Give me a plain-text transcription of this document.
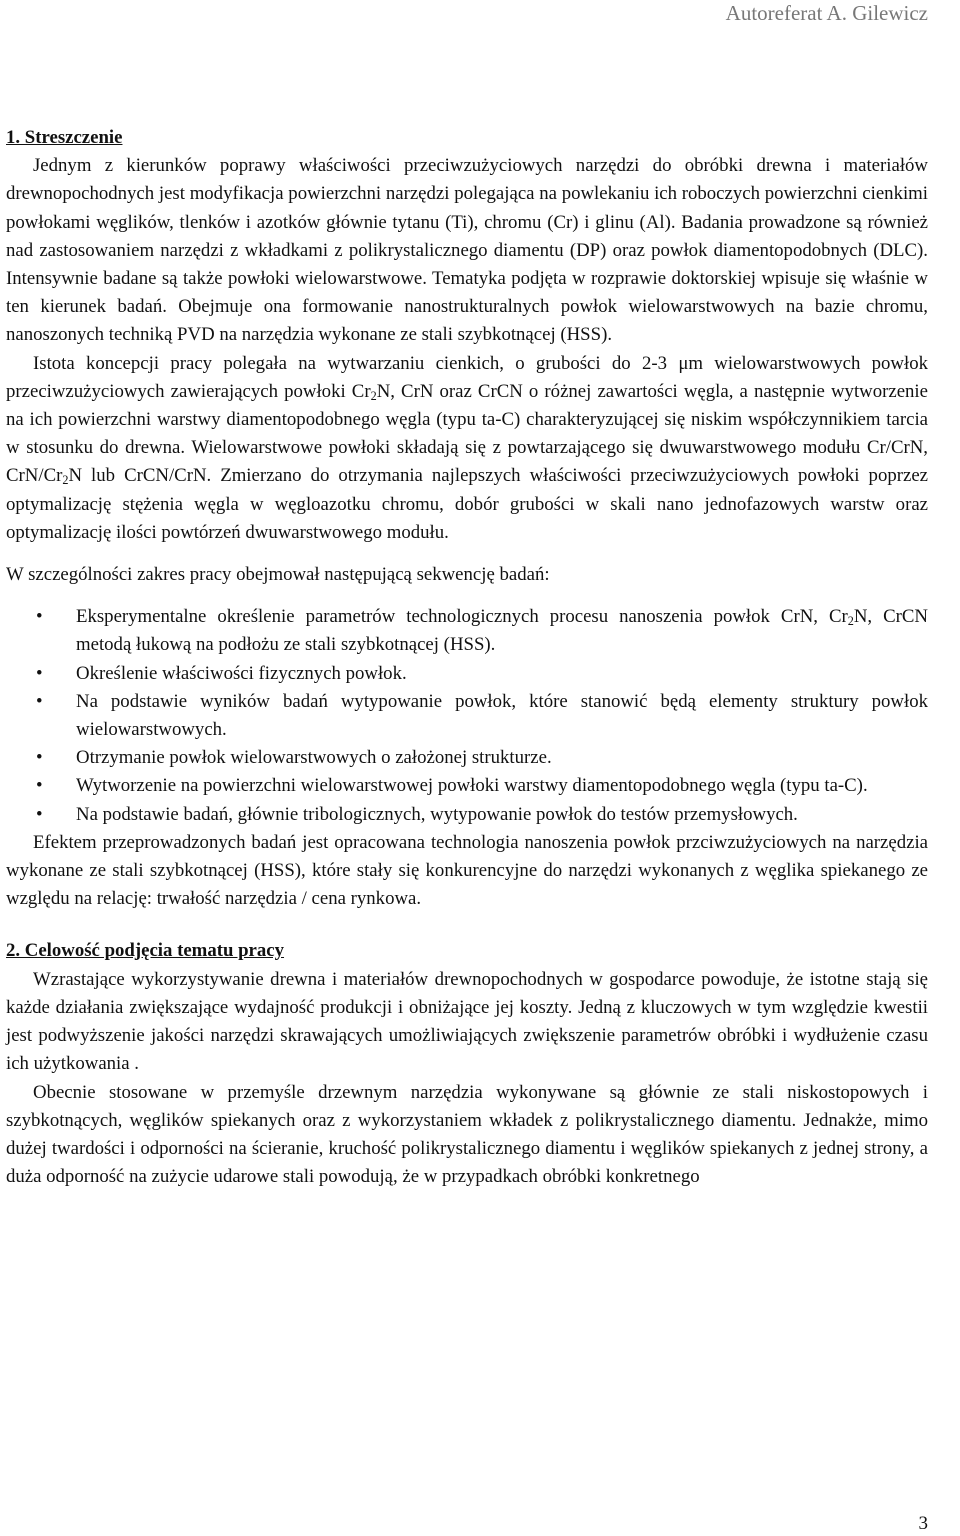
Autoreferat A. Gilewicz

1. Streszczenie

Jednym z kierunków poprawy właściwości przeciwzużyciowych narzędzi do obróbki drewna i materiałów drewnopochodnych jest modyfikacja powierzchni narzędzi polegająca na powlekaniu ich roboczych powierzchni cienkimi powłokami węglików, tlenków i azotków głównie tytanu (Ti), chromu (Cr) i glinu (Al). Badania prowadzone są również nad zastosowaniem narzędzi z wkładkami z polikrystalicznego diamentu (DP) oraz powłok diamentopodobnych (DLC). Intensywnie badane są także powłoki wielowarstwowe. Tematyka podjęta w rozprawie doktorskiej wpisuje się właśnie w ten kierunek badań. Obejmuje ona formowanie nanostrukturalnych powłok wielowarstwowych na bazie chromu, nanoszonych techniką PVD na narzędzia wykonane ze stali szybkotnącej (HSS).

Istota koncepcji pracy polegała na wytwarzaniu cienkich, o grubości do 2-3 μm wielowarstwowych powłok przeciwzużyciowych zawierających powłoki $Cr_2N$, CrN oraz CrCN o różnej zawartości węgla, a następnie wytworzenie na ich powierzchni warstwy diamentopodobnego węgla (typu ta-C) charakteryzującej się niskim współczynnikiem tarcia w stosunku do drewna. Wielowarstwowe powłoki składają się z powtarzającego się dwuwarstwowego modułu Cr/CrN, CrN/$Cr_2N$ lub CrCN/CrN. Zmierzano do otrzymania najlepszych właściwości przeciwzużyciowych powłoki poprzez optymalizację stężenia węgla w węgloazotku chromu, dobór grubości w skali nano jednofazowych warstw oraz optymalizację ilości powtórzeń dwuwarstwowego modułu.

W szczególności zakres pracy obejmował następującą sekwencję badań:

• Eksperymentalne określenie parametrów technologicznych procesu nanoszenia powłok CrN, $Cr_2N$, CrCN metodą łukową na podłożu ze stali szybkotnącej (HSS).
• Określenie właściwości fizycznych powłok.
• Na podstawie wyników badań wytypowanie powłok, które stanowić będą elementy struktury powłok wielowarstwowych.
• Otrzymanie powłok wielowarstwowych o założonej strukturze.
• Wytworzenie na powierzchni wielowarstwowej powłoki warstwy diamentopodobnego węgla (typu ta-C).
• Na podstawie badań, głównie tribologicznych, wytypowanie powłok do testów przemysłowych.

Efektem przeprowadzonych badań jest opracowana technologia nanoszenia powłok przciwzużyciowych na narzędzia wykonane ze stali szybkotnącej (HSS), które stały się konkurencyjne do narzędzi wykonanych z węglika spiekanego ze względu na relację: trwałość narzędzia / cena rynkowa.

2. Celowość podjęcia tematu pracy

Wzrastające wykorzystywanie drewna i materiałów drewnopochodnych w gospodarce powoduje, że istotne stają się każde działania zwiększające wydajność produkcji i obniżające jej koszty. Jedną z kluczowych w tym względzie kwestii jest podwyższenie jakości narzędzi skrawających umożliwiających zwiększenie parametrów obróbki i wydłużenie czasu ich użytkowania .

Obecnie stosowane w przemyśle drzewnym narzędzia wykonywane są głównie ze stali niskostopowych i szybkotnących, węglików spiekanych oraz z wykorzystaniem wkładek z polikrystalicznego diamentu. Jednakże, mimo dużej twardości i odporności na ścieranie, kruchość polikrystalicznego diamentu i węglików spiekanych z jednej strony, a duża odporność na zużycie udarowe stali powodują, że w przypadkach obróbki konkretnego

3
